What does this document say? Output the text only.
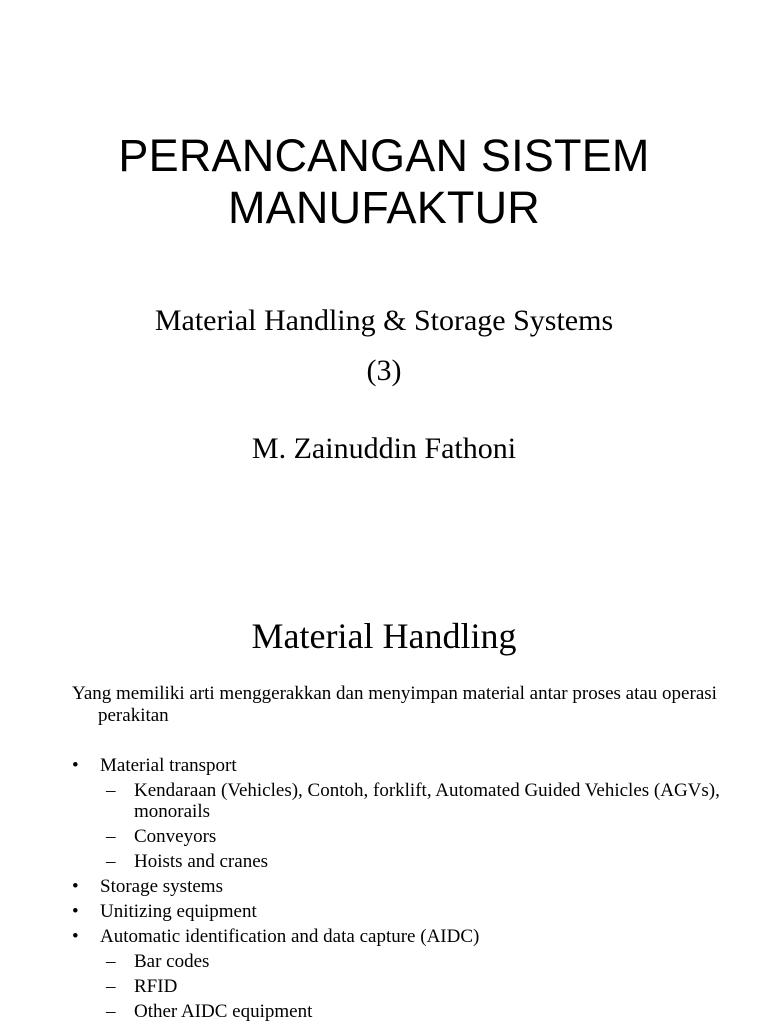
PERANCANGAN SISTEM
MANUFAKTUR
Material Handling & Storage Systems
(3)
M. Zainuddin Fathoni
Material Handling
Yang memiliki arti menggerakkan dan menyimpan material antar proses atau operasi perakitan
• Material transport
– Kendaraan (Vehicles), Contoh, forklift, Automated Guided Vehicles (AGVs), monorails
– Conveyors
– Hoists and cranes
• Storage systems
• Unitizing equipment
• Automatic identification and data capture (AIDC)
– Bar codes
– RFID
– Other AIDC equipment
